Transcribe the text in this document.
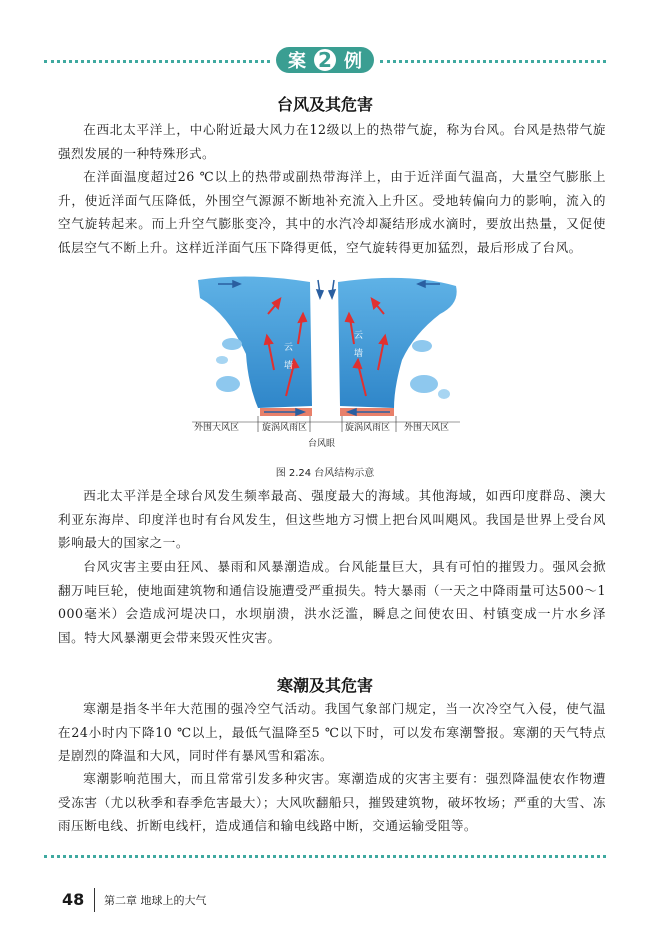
案 2 例
台风及其危害

在西北太平洋上，中心附近最大风力在12级以上的热带气旋，称为台风。台风是热带气旋强烈发展的一种特殊形式。

在洋面温度超过26 ℃以上的热带或副热带海洋上，由于近洋面气温高，大量空气膨胀上升，使近洋面气压降低，外围空气源源不断地补充流入上升区。受地转偏向力的影响，流入的空气旋转起来。而上升空气膨胀变冷，其中的水汽冷却凝结形成水滴时，要放出热量，又促使低层空气不断上升。这样近洋面气压下降得更低，空气旋转得更加猛烈，最后形成了台风。

云
墙
云
墙
外围大风区	旋涡风雨区	旋涡风雨区 外围大风区
台风眼
图 2.24 台风结构示意

西北太平洋是全球台风发生频率最高、强度最大的海域。其他海域，如西印度群岛、澳大利亚东海岸、印度洋也时有台风发生，但这些地方习惯上把台风叫飓风。我国是世界上受台风影响最大的国家之一。

台风灾害主要由狂风、暴雨和风暴潮造成。台风能量巨大，具有可怕的摧毁力。强风会掀翻万吨巨轮，使地面建筑物和通信设施遭受严重损失。特大暴雨（一天之中降雨量可达500～1 000毫米）会造成河堤决口，水坝崩溃，洪水泛滥，瞬息之间使农田、村镇变成一片水乡泽国。特大风暴潮更会带来毁灭性灾害。

寒潮及其危害

寒潮是指冬半年大范围的强冷空气活动。我国气象部门规定，当一次冷空气入侵，使气温在24小时内下降10 ℃以上，最低气温降至5 ℃以下时，可以发布寒潮警报。寒潮的天气特点是剧烈的降温和大风，同时伴有暴风雪和霜冻。

寒潮影响范围大，而且常常引发多种灾害。寒潮造成的灾害主要有：强烈降温使农作物遭受冻害（尤以秋季和春季危害最大）；大风吹翻船只，摧毁建筑物，破坏牧场；严重的大雪、冻雨压断电线、折断电线杆，造成通信和输电线路中断，交通运输受阻等。

48 第二章 地球上的大气
